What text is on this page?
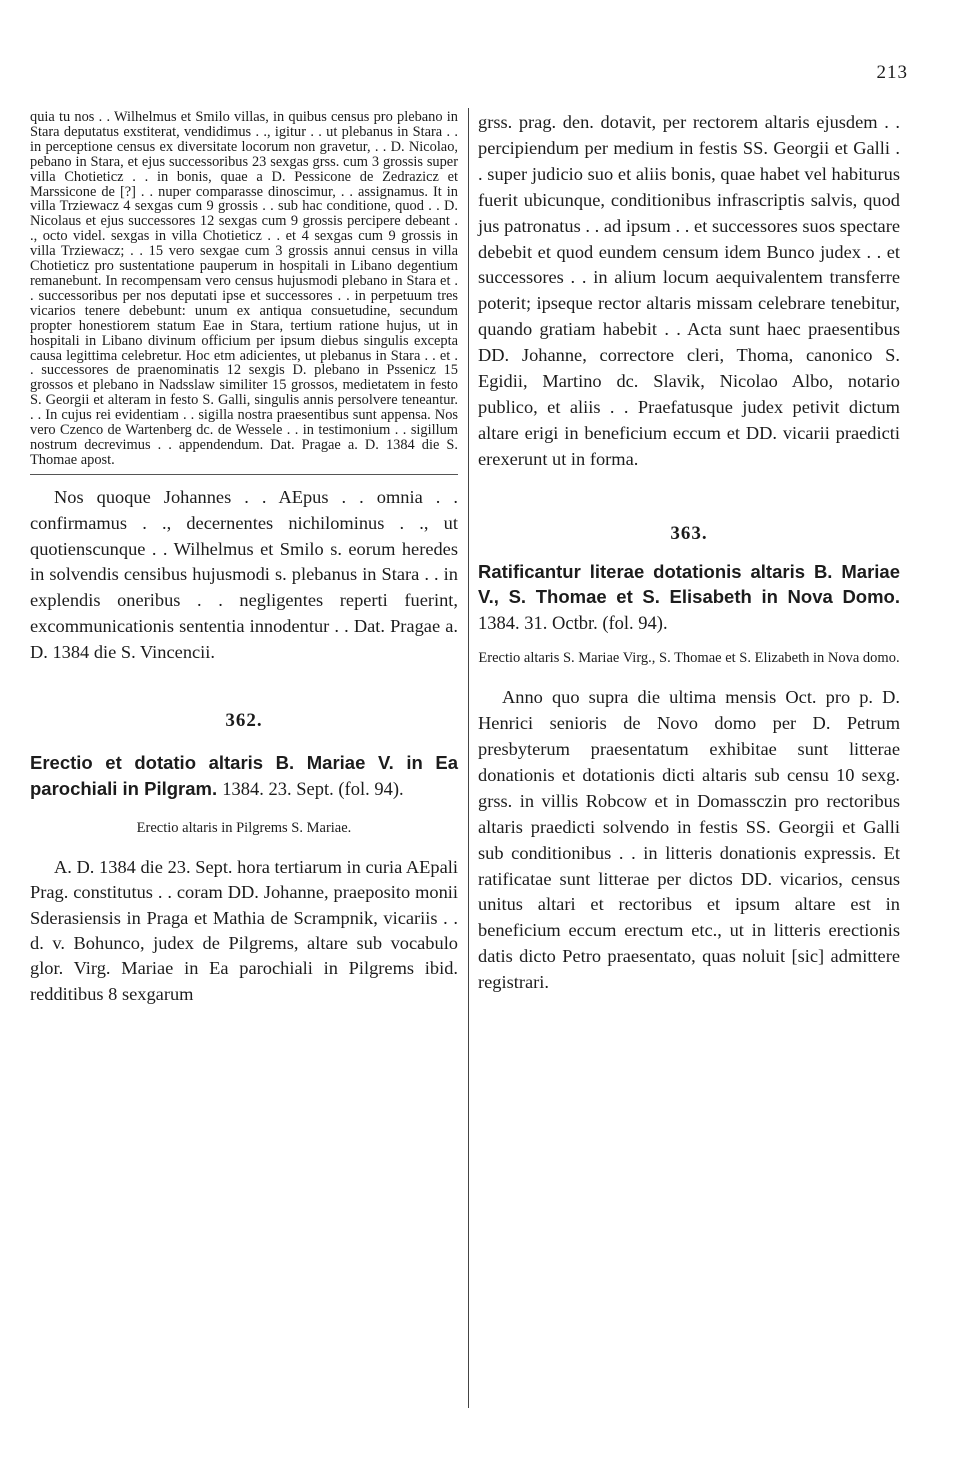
213

quia tu nos . . Wilhelmus et Smilo villas, in quibus census pro plebano in Stara deputatus exstiterat, vendidimus . ., igitur . . ut plebanus in Stara . . in perceptione census ex diversitate locorum non gravetur, . . D. Nicolao, pebano in Stara, et ejus successoribus 23 sexgas grss. cum 3 grossis super villa Chotieticz . . in bonis, quae a D. Pessicone de Zedrazicz et Marssicone de [?] . . nuper comparasse dinoscimur, . . assignamus. It in villa Trziewacz 4 sexgas cum 9 grossis . . sub hac conditione, quod . . D. Nicolaus et ejus successores 12 sexgas cum 9 grossis percipere debeant . ., octo videl. sexgas in villa Chotieticz . . et 4 sexgas cum 9 grossis in villa Trziewacz; . . 15 vero sexgae cum 3 grossis annui census in villa Chotieticz pro sustentatione pauperum in hospitali in Libano degentium remanebunt. In recompensam vero census hujusmodi plebano in Stara et . . successoribus per nos deputati ipse et successores . . in perpetuum tres vicarios tenere debebunt: unum ex antiqua consuetudine, secundum propter honestiorem statum Eae in Stara, tertium ratione hujus, ut in hospitali in Libano divinum officium per ipsum diebus singulis excepta causa legittima celebretur. Hoc etm adicientes, ut plebanus in Stara . . et . . successores de praenominatis 12 sexgis D. plebano in Pssenicz 15 grossos et plebano in Nadsslaw similiter 15 grossos, medietatem in festo S. Georgii et alteram in festo S. Galli, singulis annis persolvere teneantur. . . In cujus rei evidentiam . . sigilla nostra praesentibus sunt appensa. Nos vero Czenco de Wartenberg dc. de Wessele . . in testimonium . . sigillum nostrum decrevimus . . appendendum. Dat. Pragae a. D. 1384 die S. Thomae apost.

Nos quoque Johannes . . AEpus . . omnia . . confirmamus . ., decernentes nichilominus . ., ut quotienscunque . . Wilhelmus et Smilo s. eorum heredes in solvendis censibus hujusmodi s. plebanus in Stara . . in explendis oneribus . . negligentes reperti fuerint, excommunicationis sententia innodentur . . Dat. Pragae a. D. 1384 die S. Vincencii.

362.

Erectio et dotatio altaris B. Mariae V. in Ea parochiali in Pilgram. 1384. 23. Sept. (fol. 94).

Erectio altaris in Pilgrems S. Mariae.

A. D. 1384 die 23. Sept. hora tertiarum in curia AEpali Prag. constitutus . . coram DD. Johanne, praeposito monii Sderasiensis in Praga et Mathia de Scrampnik, vicariis . . d. v. Bohunco, judex de Pilgrems, altare sub vocabulo glor. Virg. Mariae in Ea parochiali in Pilgrems ibid. redditibus 8 sexgarum

grss. prag. den. dotavit, per rectorem altaris ejusdem . . percipiendum per medium in festis SS. Georgii et Galli . . super judicio suo et aliis bonis, quae habet vel habiturus fuerit ubicunque, conditionibus infrascriptis salvis, quod jus patronatus . . ad ipsum . . et successores suos spectare debebit et quod eundem censum idem Bunco judex . . et successores . . in alium locum aequivalentem transferre poterit; ipseque rector altaris missam celebrare tenebitur, quando gratiam habebit . . Acta sunt haec praesentibus DD. Johanne, correctore cleri, Thoma, canonico S. Egidii, Martino dc. Slavik, Nicolao Albo, notario publico, et aliis . . Praefatusque judex petivit dictum altare erigi in beneficium eccum et DD. vicarii praedicti erexerunt ut in forma.

363.

Ratificantur literae dotationis altaris B. Mariae V., S. Thomae et S. Elisabeth in Nova Domo. 1384. 31. Octbr. (fol. 94).

Erectio altaris S. Mariae Virg., S. Thomae et S. Elizabeth in Nova domo.

Anno quo supra die ultima mensis Oct. pro p. D. Henrici senioris de Novo domo per D. Petrum presbyterum praesentatum exhibitae sunt litterae donationis et dotationis dicti altaris sub censu 10 sexg. grss. in villis Robcow et in Domassczin pro rectoribus altaris praedicti solvendo in festis SS. Georgii et Galli sub conditionibus . . in litteris donationis expressis. Et ratificatae sunt litterae per dictos DD. vicarios, census unitus altari et rectoribus et ipsum altare est in beneficium eccum erectum etc., ut in litteris erectionis datis dicto Petro praesentato, quas noluit [sic] admittere registrari.
